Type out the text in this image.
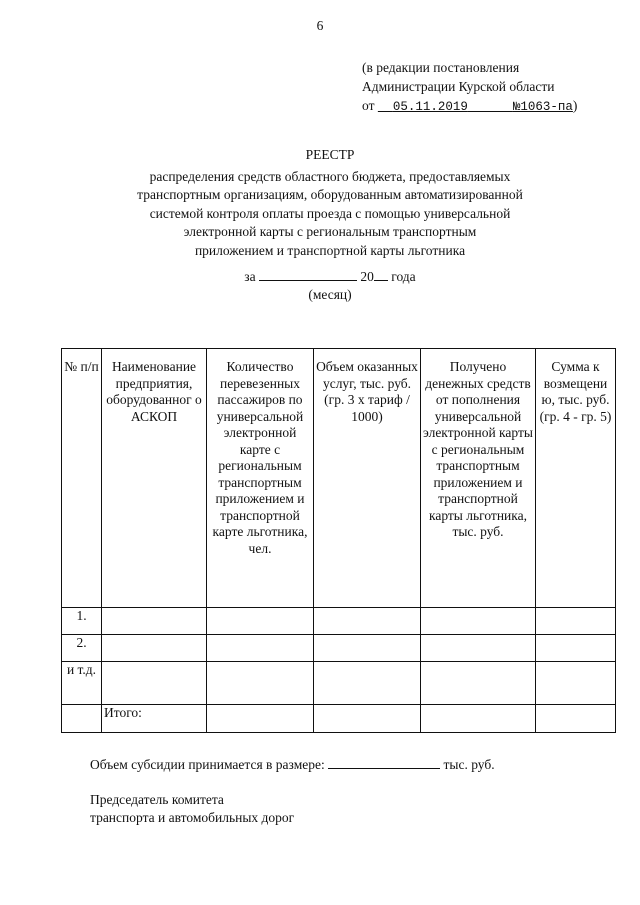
6
(в редакции постановления
Администрации Курской области
от 05.11.2019	№1063-па)
РЕЕСТР
распределения средств областного бюджета, предоставляемых
транспортным организациям, оборудованным автоматизированной
системой контроля оплаты проезда с помощью универсальной
электронной карты с региональным транспортным
приложением и транспортной карты льготника
за	20 года
(месяц)
№ п/п	Наименование предприятия, оборудованног о АСКОП	Количество перевезенных пассажиров по универсальной электронной карте с региональным транспортным приложением и транспортной карте льготника, чел.	Объем оказанных услуг, тыс. руб. (гр. 3 х тариф / 1000)	Получено денежных средств от пополнения универсальной электронной карты с региональным транспортным приложением и транспортной карты льготника, тыс. руб.	Сумма к возмещени ю, тыс. руб. (гр. 4 - гр. 5)
1.					
2.					
и т.д.					
	Итого:				
Объем субсидии принимается в размере:	тыс. руб.
Председатель комитета
транспорта и автомобильных дорог
